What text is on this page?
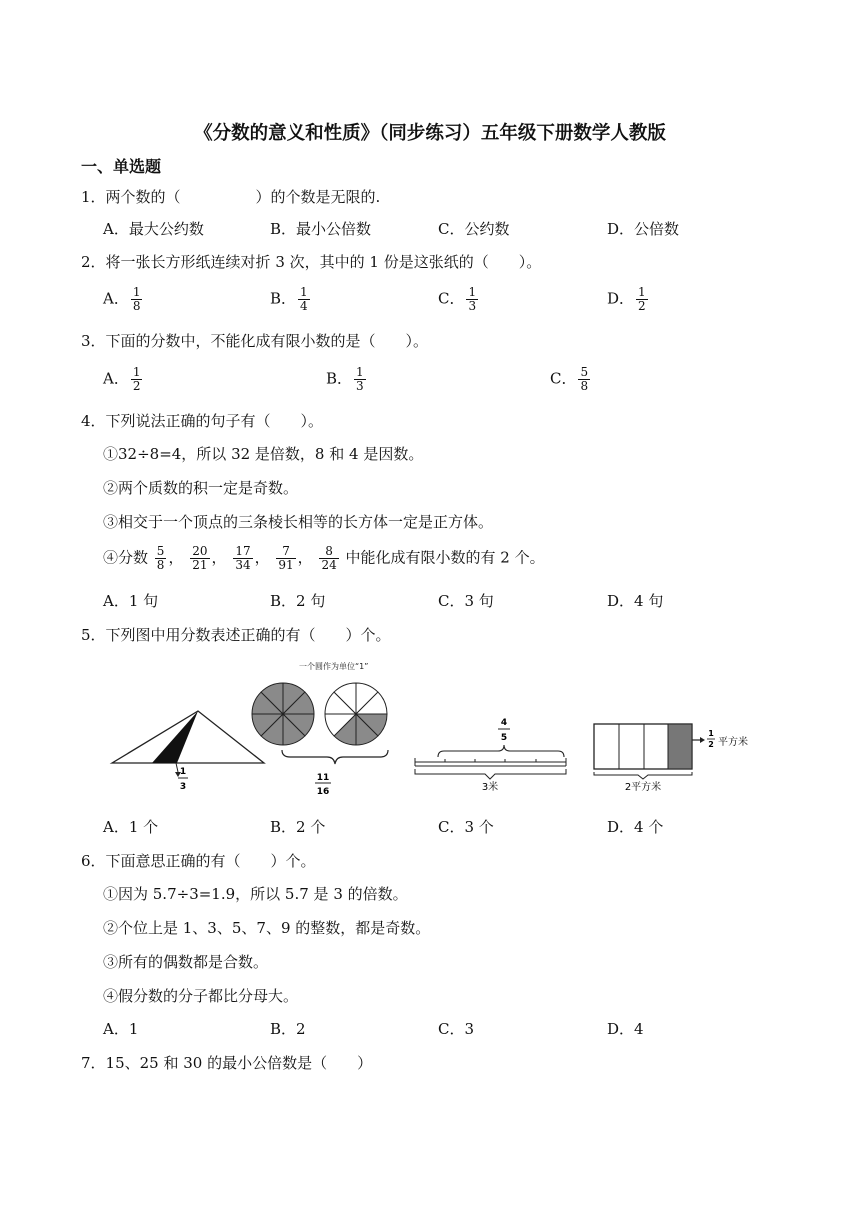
《分数的意义和性质》（同步练习）五年级下册数学人教版
一、单选题
1．两个数的（　　　　　）的个数是无限的.
A．最大公约数	B．最小公倍数	C．公约数	D．公倍数
2．将一张长方形纸连续对折 3 次，其中的 1 份是这张纸的（　　）。
A． $\frac{1}{8}$	B． $\frac{1}{4}$	C． $\frac{1}{3}$	D． $\frac{1}{2}$
3．下面的分数中，不能化成有限小数的是（　　）。
A． $\frac{1}{2}$	B． $\frac{1}{3}$	C． $\frac{5}{8}$
4．下列说法正确的句子有（　　）。
①32÷8=4，所以 32 是倍数，8 和 4 是因数。
②两个质数的积一定是奇数。
③相交于一个顶点的三条棱长相等的长方体一定是正方体。
④分数 $\frac{5}{8}$ ， $\frac{20}{21}$ ， $\frac{17}{34}$ ， $\frac{7}{91}$ ， $\frac{8}{24}$ 中能化成有限小数的有 2 个。
A．1 句	B．2 句	C．3 句	D．4 句
5．下列图中用分数表述正确的有（　　）个。
1
3
一个圆作为单位“1”
11
16
4
5
3米
1
2 平方米
2平方米
A．1 个	B．2 个	C．3 个	D．4 个
6．下面意思正确的有（　　）个。
①因为 5.7÷3=1.9，所以 5.7 是 3 的倍数。
②个位上是 1、3、5、7、9 的整数，都是奇数。
③所有的偶数都是合数。
④假分数的分子都比分母大。
A．1	B．2	C．3	D．4
7．15、25 和 30 的最小公倍数是（　　）
